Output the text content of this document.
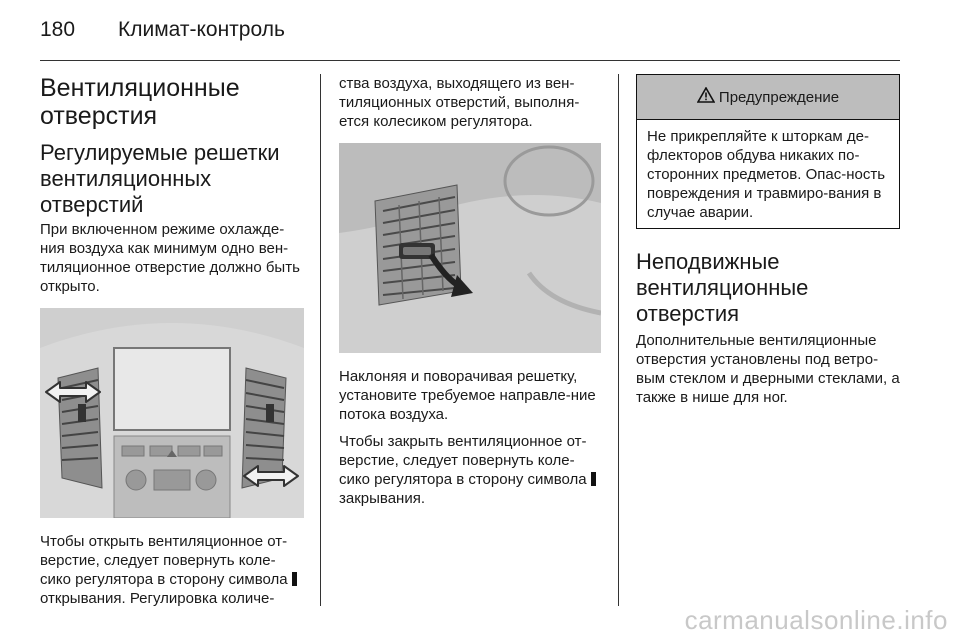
180 Климат-контроль
Вентиляционные отверстия
Регулируемые решетки вентиляционных отверстий

При включенном режиме охлажде-ния воздуха как минимум одно вен-тиляционное отверстие должно быть открыто.

Чтобы открыть вентиляционное от-верстие, следует повернуть коле-сико регулятора в сторону символа открывания. Регулировка количе-

ства воздуха, выходящего из вен-тиляционных отверстий, выполня-ется колесиком регулятора.

Наклоняя и поворачивая решетку, установите требуемое направле-ние потока воздуха.

Чтобы закрыть вентиляционное от-верстие, следует повернуть коле-сико регулятора в сторону символа закрывания.

Предупреждение

Не прикрепляйте к шторкам де-флекторов обдува никаких по-сторонних предметов. Опас-ность повреждения и травмиро-вания в случае аварии.

Неподвижные вентиляционные отверстия

Дополнительные вентиляционные отверстия установлены под ветро-вым стеклом и дверными стеклами, а также в нише для ног.

carmanualsonline.info
